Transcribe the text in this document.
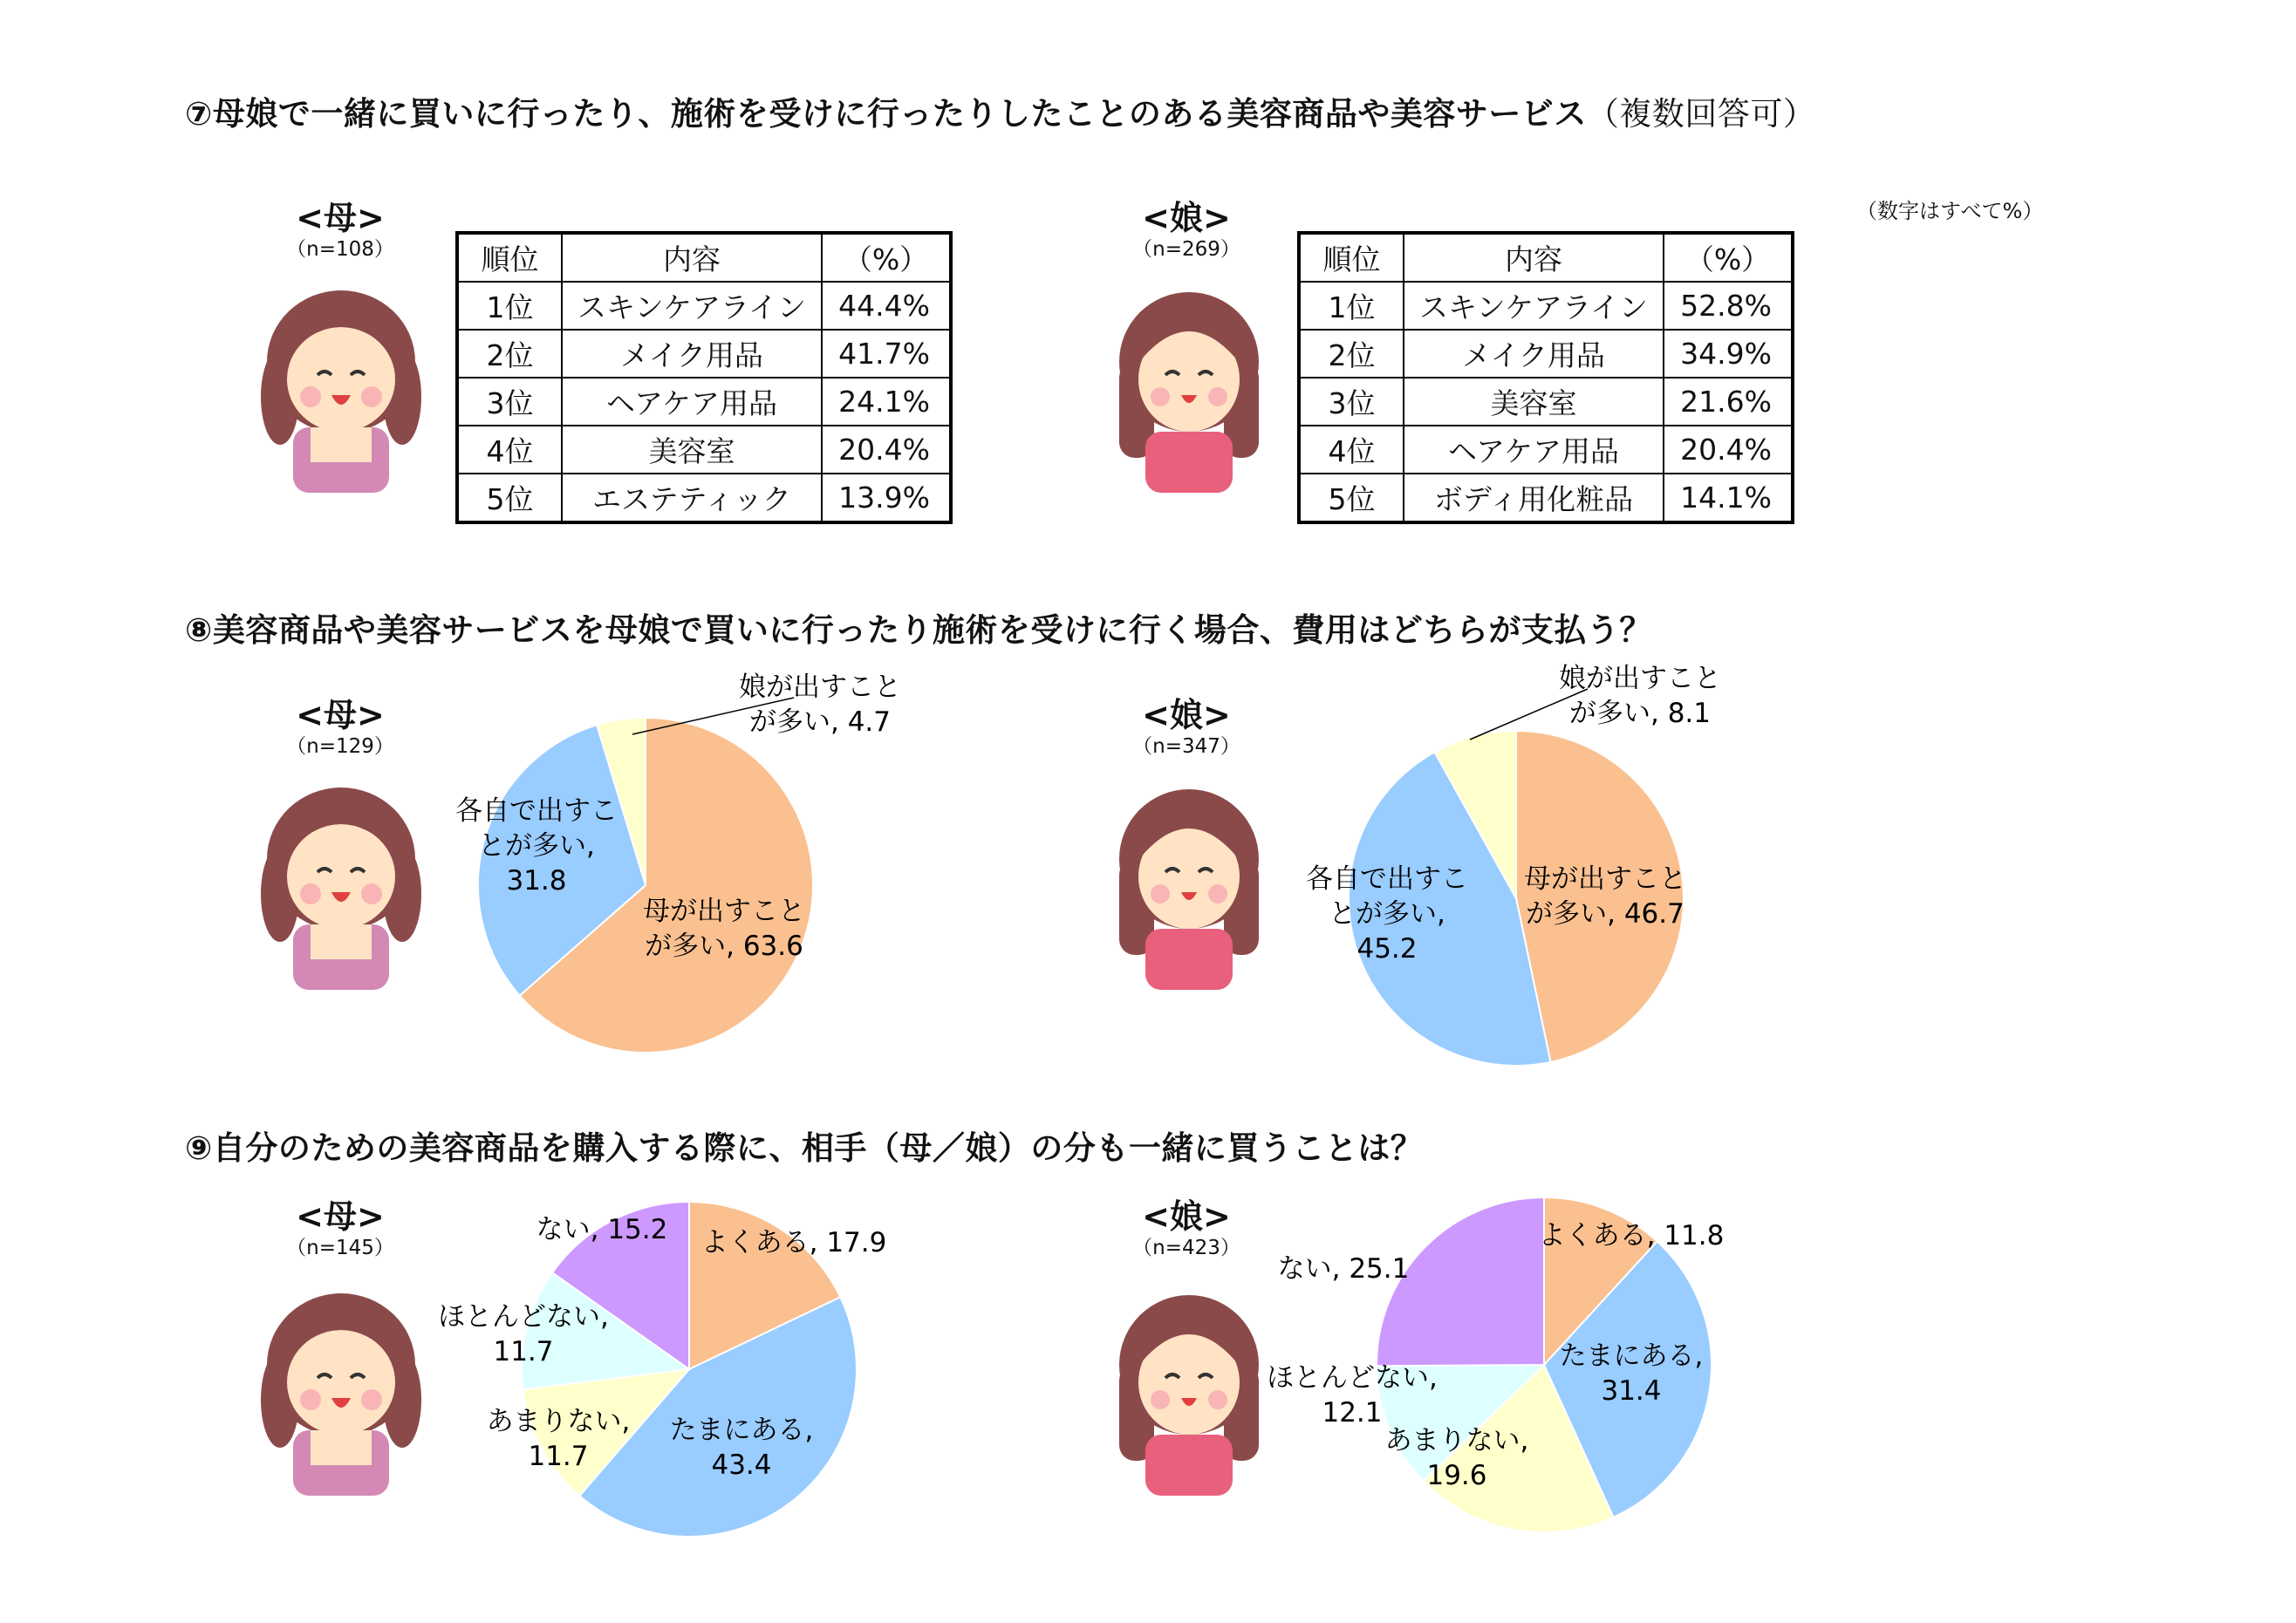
⑦母娘で一緒に買いに行ったり、施術を受けに行ったりしたことのある美容商品や美容サービス（複数回答可）
（数字はすべて%）
<母>
（n=108）
<娘>
（n=269）
順位	内容	（%）
1位	スキンケアライン	44.4%
2位	メイク用品	41.7%
3位	ヘアケア用品	24.1%
4位	美容室	20.4%
5位	エステティック	13.9%
順位	内容	（%）
1位	スキンケアライン	52.8%
2位	メイク用品	34.9%
3位	美容室	21.6%
4位	ヘアケア用品	20.4%
5位	ボディ用化粧品	14.1%
⑧美容商品や美容サービスを母娘で買いに行ったり施術を受けに行く場合、費用はどちらが支払う？
<母>
（n=129）
<娘>
（n=347）
母が出すことが多い, 63.6
各自で出すことが多い, 31.8
娘が出すことが多い, 4.7
母が出すことが多い, 46.7
各自で出すことが多い, 45.2
娘が出すことが多い, 8.1
⑨自分のための美容商品を購入する際に、相手（母／娘）の分も一緒に買うことは？
<母>
（n=145）
<娘>
（n=423）
よくある, 17.9
たまにある, 43.4
あまりない, 11.7
ほとんどない, 11.7
ない, 15.2	よくある, 11.8
たまにある, 31.4
あまりない, 19.6
ほとんどない, 12.1
ない, 25.1
